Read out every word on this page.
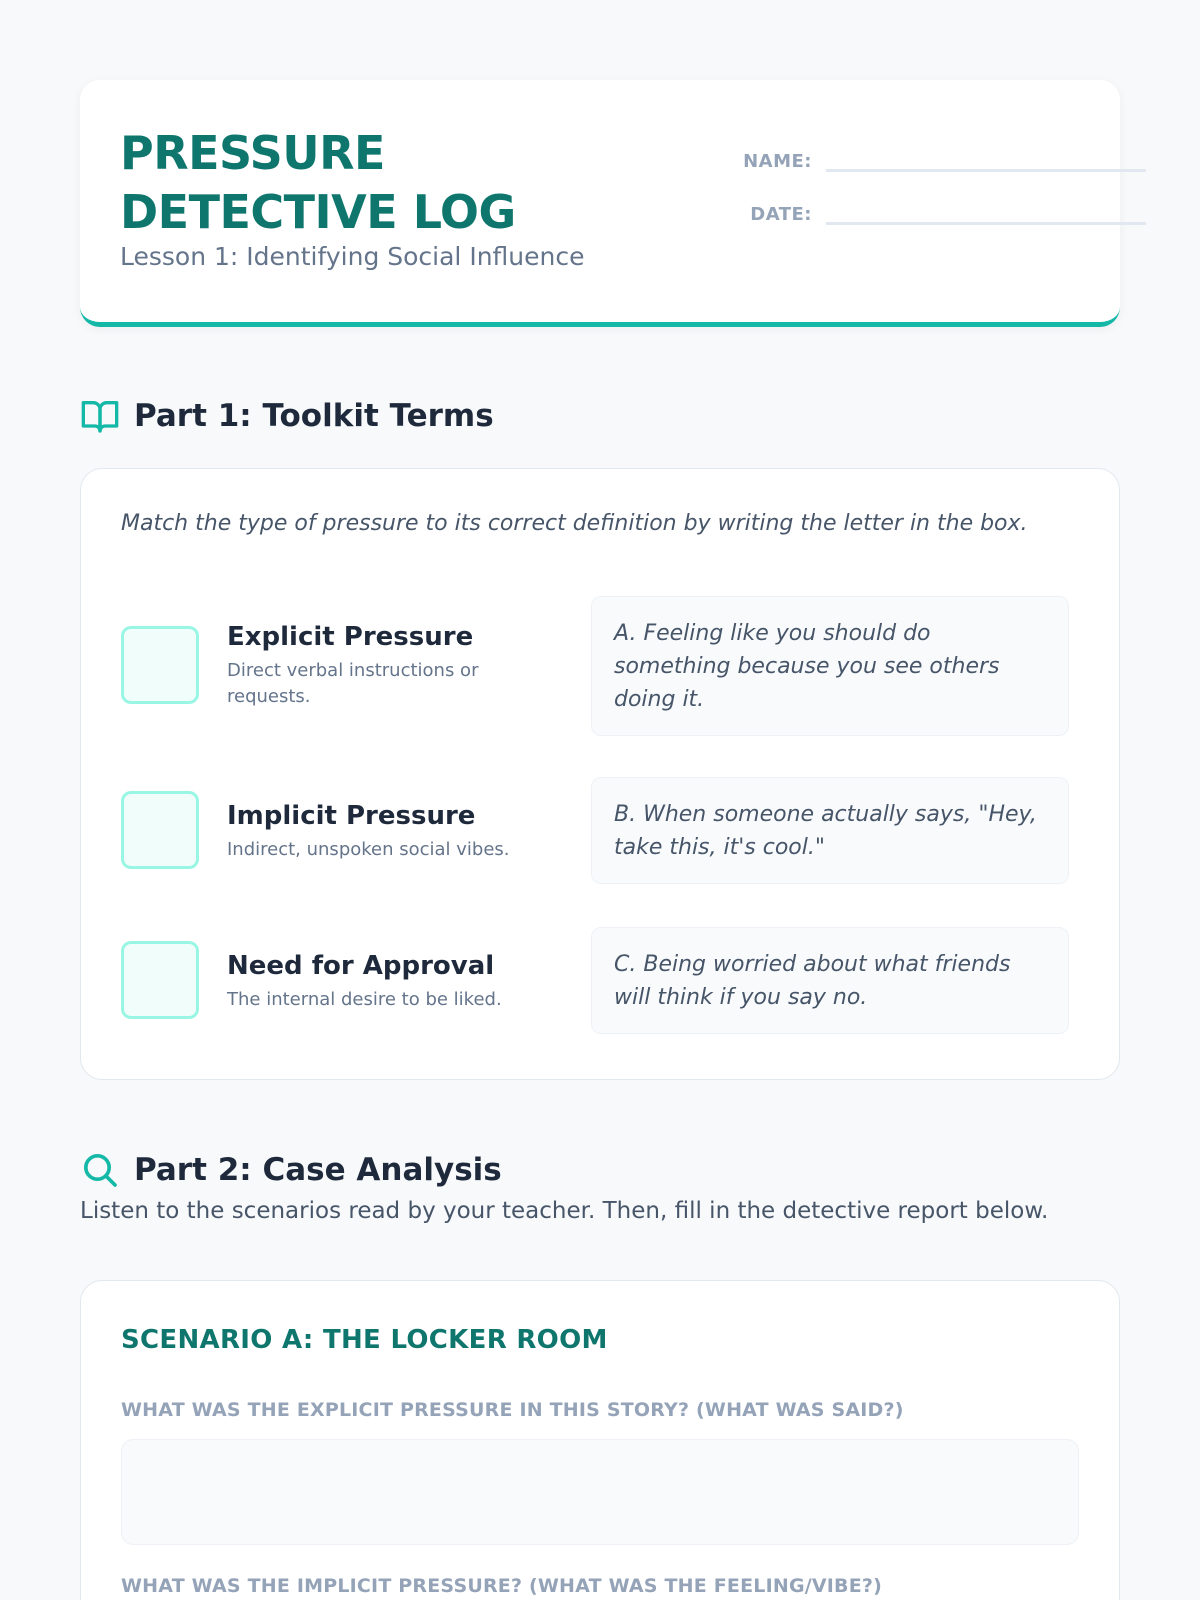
PRESSURE DETECTIVE LOG
Lesson 1: Identifying Social Influence
NAME:
DATE:
Part 1: Toolkit Terms
Match the type of pressure to its correct definition by writing the letter in the box.
Explicit Pressure
Direct verbal instructions or requests.
A. Feeling like you should do something because you see others doing it.
Implicit Pressure
Indirect, unspoken social vibes.
B. When someone actually says, "Hey, take this, it's cool."
Need for Approval
The internal desire to be liked.
C. Being worried about what friends will think if you say no.
Part 2: Case Analysis
Listen to the scenarios read by your teacher. Then, fill in the detective report below.
SCENARIO A: THE LOCKER ROOM
WHAT WAS THE EXPLICIT PRESSURE IN THIS STORY? (WHAT WAS SAID?)
WHAT WAS THE IMPLICIT PRESSURE? (WHAT WAS THE FEELING/VIBE?)
